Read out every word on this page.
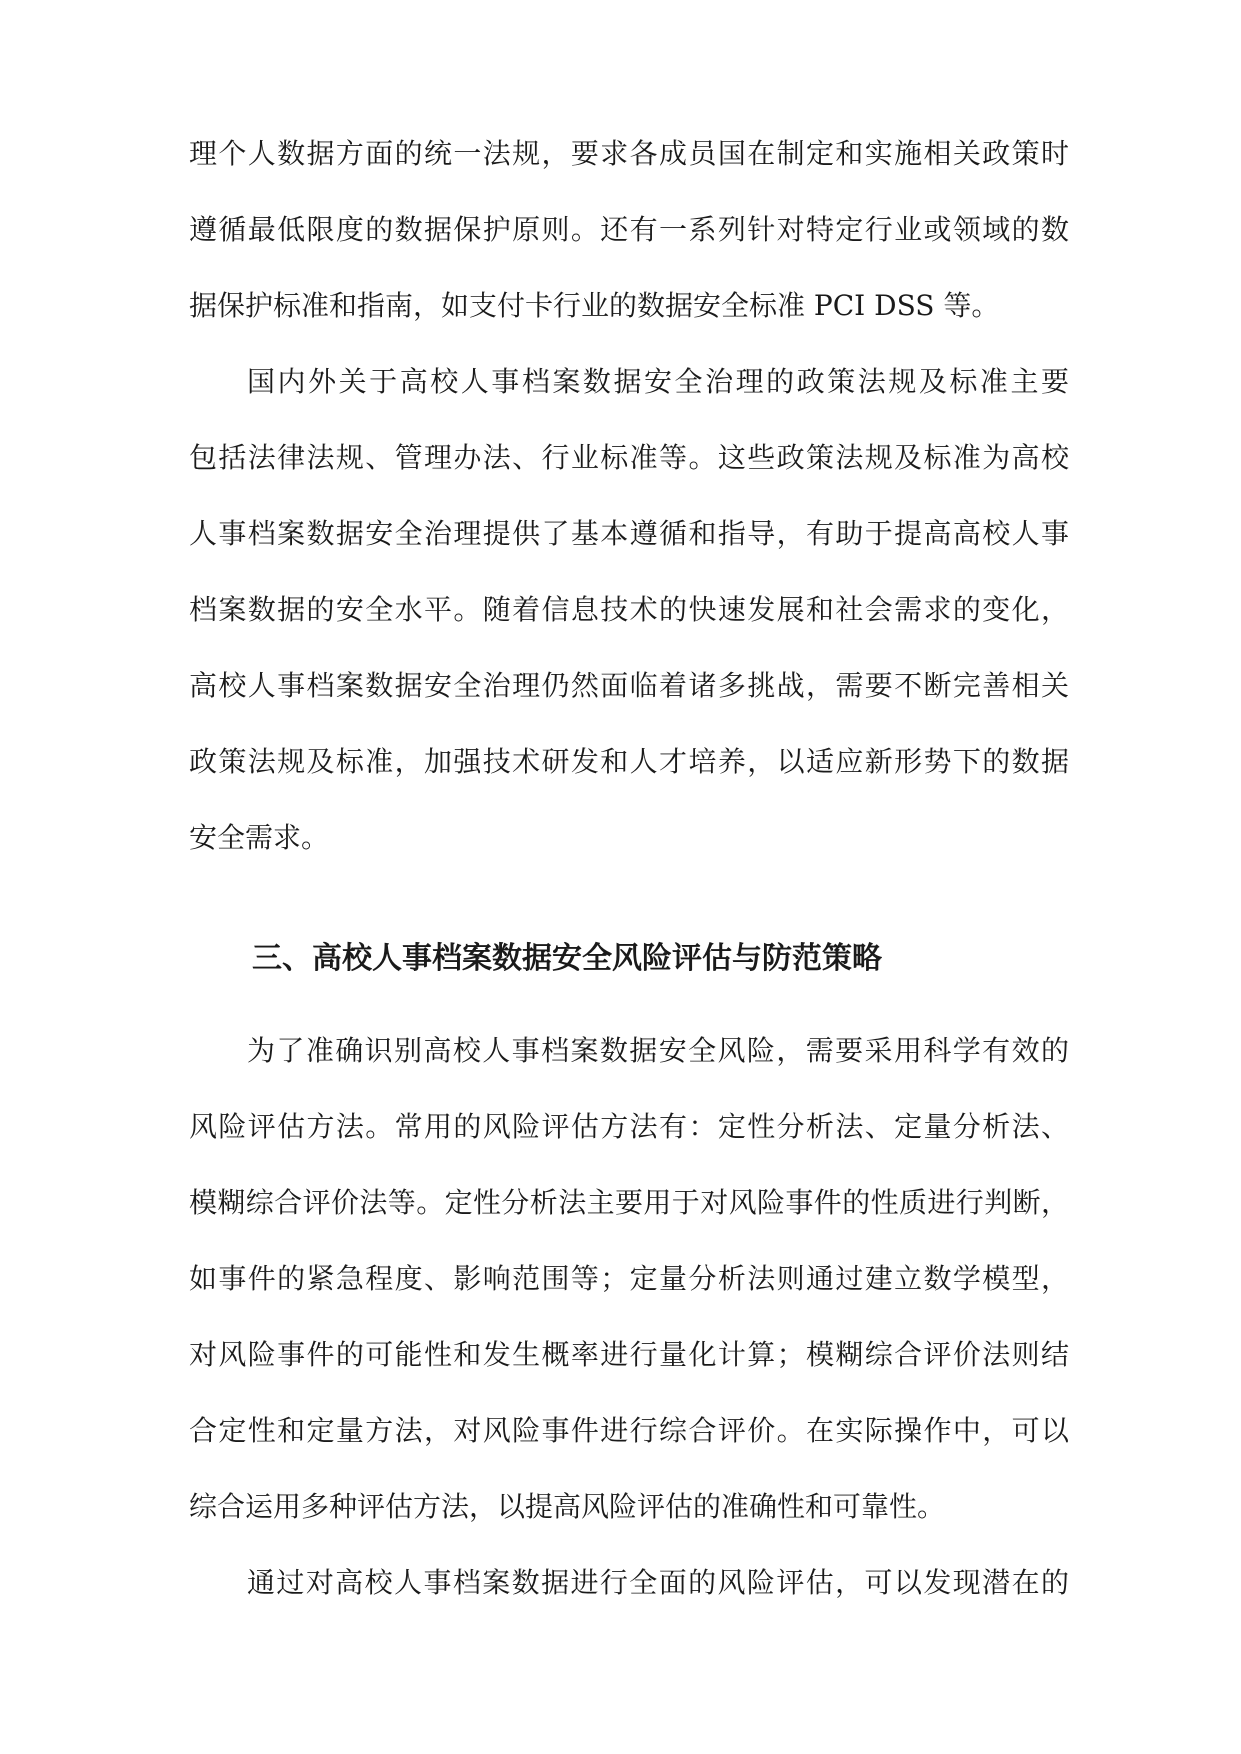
理个人数据方面的统一法规，要求各成员国在制定和实施相关政策时
遵循最低限度的数据保护原则。还有一系列针对特定行业或领域的数
据保护标准和指南，如支付卡行业的数据安全标准 PCI DSS 等。
国内外关于高校人事档案数据安全治理的政策法规及标准主要
包括法律法规、管理办法、行业标准等。这些政策法规及标准为高校
人事档案数据安全治理提供了基本遵循和指导，有助于提高高校人事
档案数据的安全水平。随着信息技术的快速发展和社会需求的变化，
高校人事档案数据安全治理仍然面临着诸多挑战，需要不断完善相关
政策法规及标准，加强技术研发和人才培养，以适应新形势下的数据
安全需求。
三、高校人事档案数据安全风险评估与防范策略
为了准确识别高校人事档案数据安全风险，需要采用科学有效的
风险评估方法。常用的风险评估方法有：定性分析法、定量分析法、
模糊综合评价法等。定性分析法主要用于对风险事件的性质进行判断，
如事件的紧急程度、影响范围等；定量分析法则通过建立数学模型，
对风险事件的可能性和发生概率进行量化计算；模糊综合评价法则结
合定性和定量方法，对风险事件进行综合评价。在实际操作中，可以
综合运用多种评估方法，以提高风险评估的准确性和可靠性。
通过对高校人事档案数据进行全面的风险评估，可以发现潜在的
